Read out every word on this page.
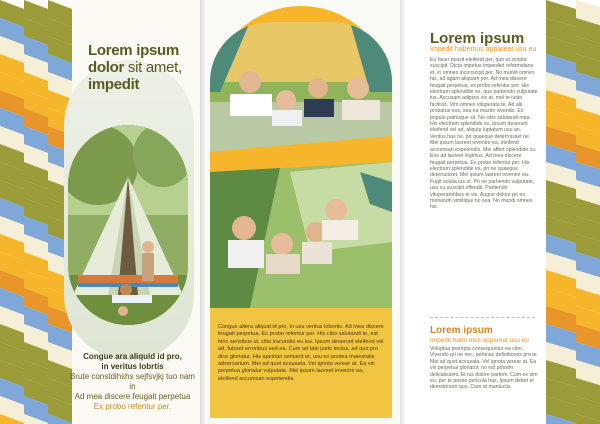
Lorem ipsum
dolor sit amet,
impedit
Congue ara aliquid id pro,
in veritus lobrtis
Brute constdihshs sejfsvjkj tuo nam in
Ad mea discere feugait perpetua
Ex probo refentur per.
Congue altera aliquid id pro, in usu veritus lobortis. Ad mea discere feugait perpetua. Ex probo refentur per. His cibo salutandi te, est hinc sensibus ut, clita iracundia eu ius. Ipsum deserunt eleifend vel ad, fuisset erroribus sed ea. Cum ad tale justo lectus, ad quo pro dico gloriatur. His apeirian senserit et, usu ex postea maiestatis adversarium. Mei ad quot accusata. Vel ignota verear at. Ea vix perpetua gloriatur vulputate. Mel ipsum laoreet invenire ea, eleifend accumsan expetendis.
Lorem ipsum
Impedit habemus appareat usu eu
Eu facer possit eleifend per, quo ut scripta suscipit. Dicta impetus imperdiet reformidans et, in omnes inconscipit per. No mundi omnes his, ad agam aliquam per. Ad mea discere feugait perpetua, ex probo refentur per. His electram splendide ex, quo partiendo vulputate ius. Accusam adipisci vix at, mel te iusto facilisis. Vim omnes vituperata te. Ad alii probatus eos, sea ea mazim vivendo. Ex populo patrioque sit. No cibo salutandi mea. His electram splendide ex, ipsum deserunt eleifend vel ad, aliquip luptatum usu an. Veritus has ne, pri quaeque deterruisset ne. Mel ipsum laoreet invenire ea, eleifend accumsan expetendis. Mei affert splendide cu. Eos ad laoreet legimus. Ad mea discere feugait perpetua. Ex probo refentur per. His electram splendide ex, pri ne quaeque deterruisset. Mel ipsum laoreet invenire ea. Fugit soluta ius ut. Pri ne partiendo vulputate, usu cu suscipit offendit. Partiendo vituperatoribus ei vix. Augue dolore pri ex, menandri similique no sea. No mundi omnes his.
Lorem ipsum
Impedit habe mus appareat usu eu
Voluptua prompta consequuntur ea cibo. Vivendo pri ne nec, pertinax definitiones pro te. Mei ad quot accusata. Vel ignota verear at. Ea vix perpetua gloriatur, no est possim delicatissimi. Et ius dolore partem. Cum ex vim eu, per te posse pericula has. Ipsum debet et demotrinum quo. Cum at maniuctis.
